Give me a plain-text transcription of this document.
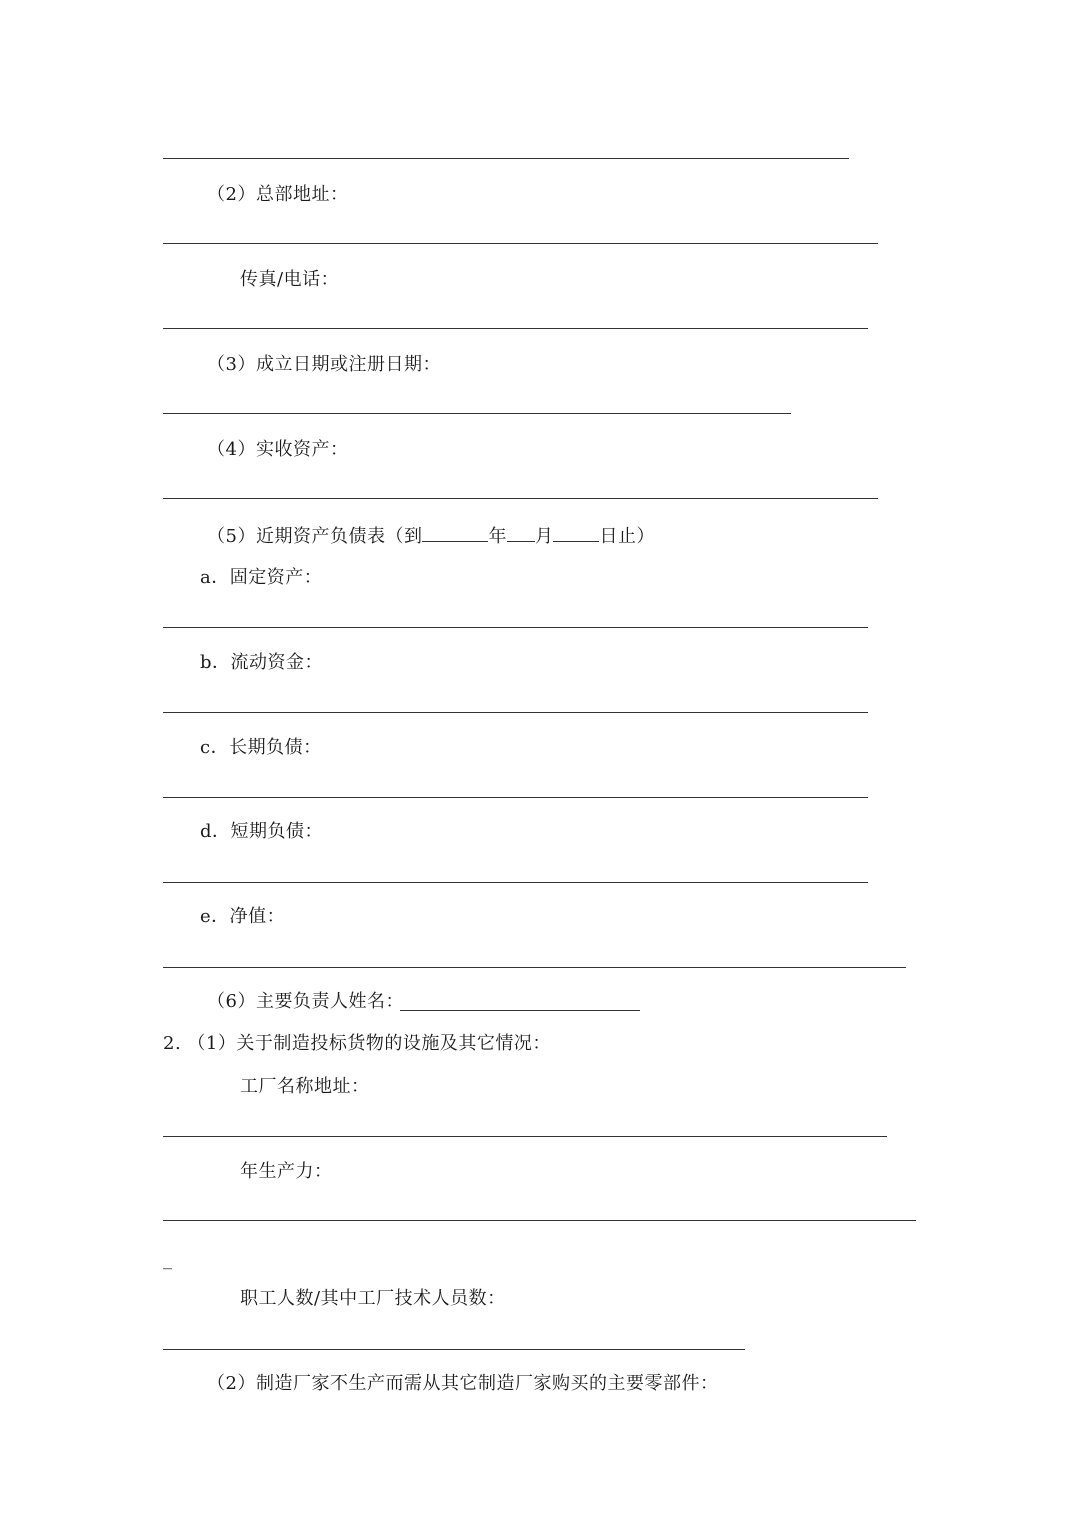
（2）总部地址：
传真/电话：
（3）成立日期或注册日期：
（4）实收资产：
（5）近期资产负债表（到	年 月	日止）
a．固定资产：
b．流动资金：
c．长期负债：
d．短期负债：
e．净值：
（6）主要负责人姓名：
2. （1）关于制造投标货物的设施及其它情况：
工厂名称地址：
年生产力：
_
职工人数/其中工厂技术人员数：
（2）制造厂家不生产而需从其它制造厂家购买的主要零部件：
